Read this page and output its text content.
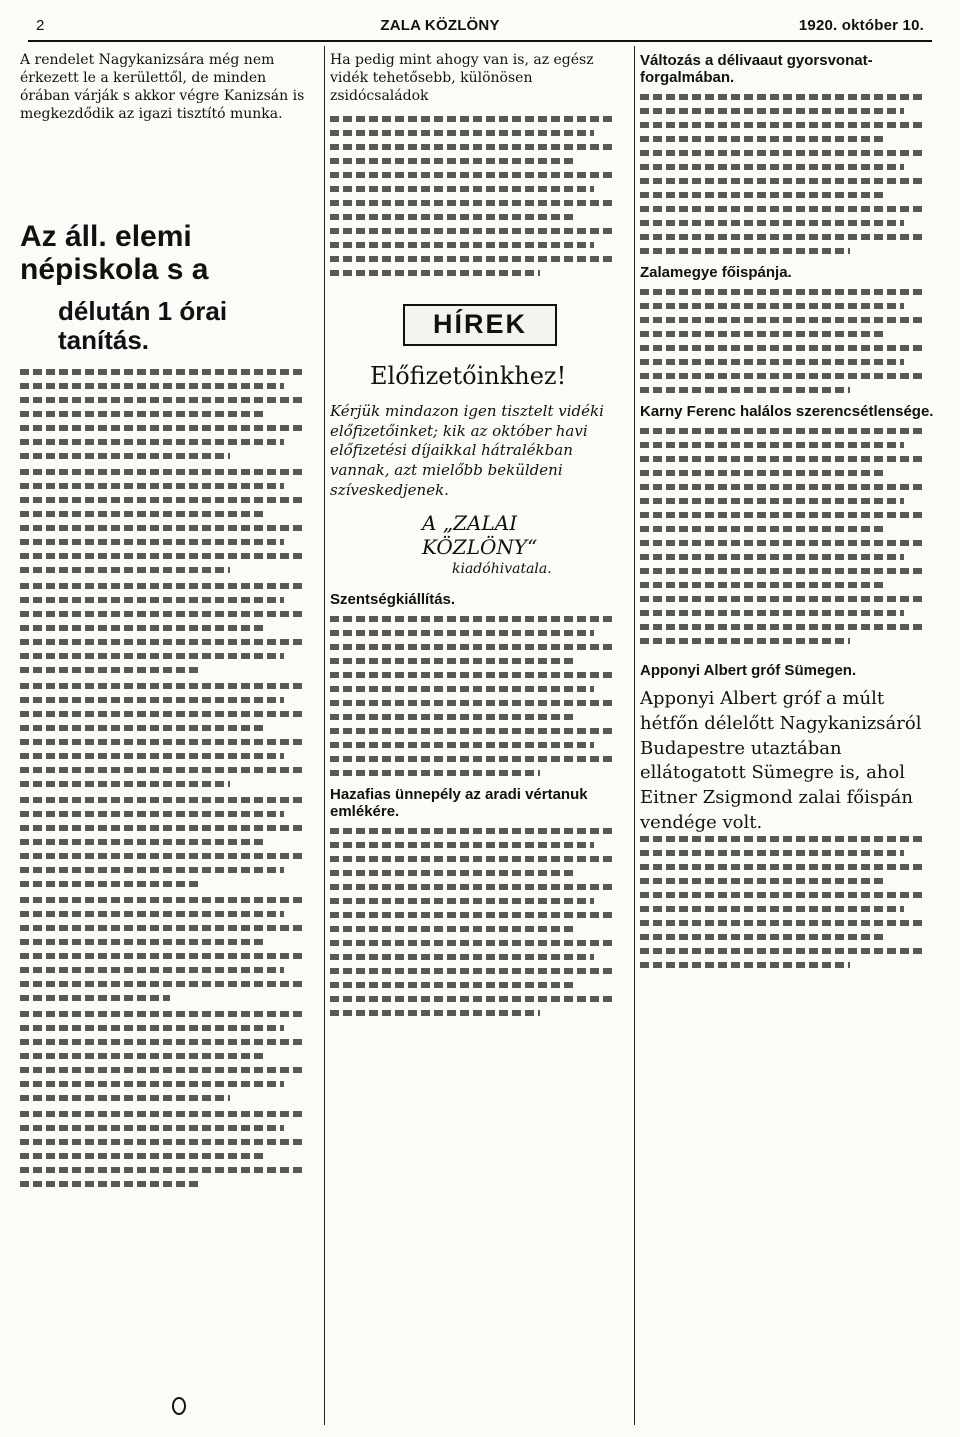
2	ZALA KÖZLÖNY	1920. október 10.

A rendelet Nagykanizsára még nem érkezett le a kerülettől, de minden órában várják s akkor végre Kanizsán is megkezdődik az igazi tisztító munka.

Az áll. elemi népiskola s a
délután 1 órai tanítás.

Ha pedig mint ahogy van is, az egész vidék tehetősebb, különösen zsidócsaládok

HÍREK
Előfizetőinkhez!
Kérjük mindazon igen tisztelt vidéki előfizetőinket; kik az október havi előfizetési díjaikkal hátralékban vannak, azt mielőbb beküldeni szíveskedjenek.
A „ZALAI KÖZLÖNY“
kiadóhivatala.
Szentségkiállítás.
Hazafias ünnepély az aradi vértanuk emlékére.
Változás a délivaaut gyorsvonat-forgalmában.
Zalamegye főispánja.
Karny Ferenc halálos szerencsétlensége.
Apponyi Albert gróf Sümegen.
Apponyi Albert gróf a múlt hétfőn délelőtt Nagykanizsáról Budapestre utaztában ellátogatott Sümegre is, ahol Eitner Zsigmond zalai főispán vendége volt.
